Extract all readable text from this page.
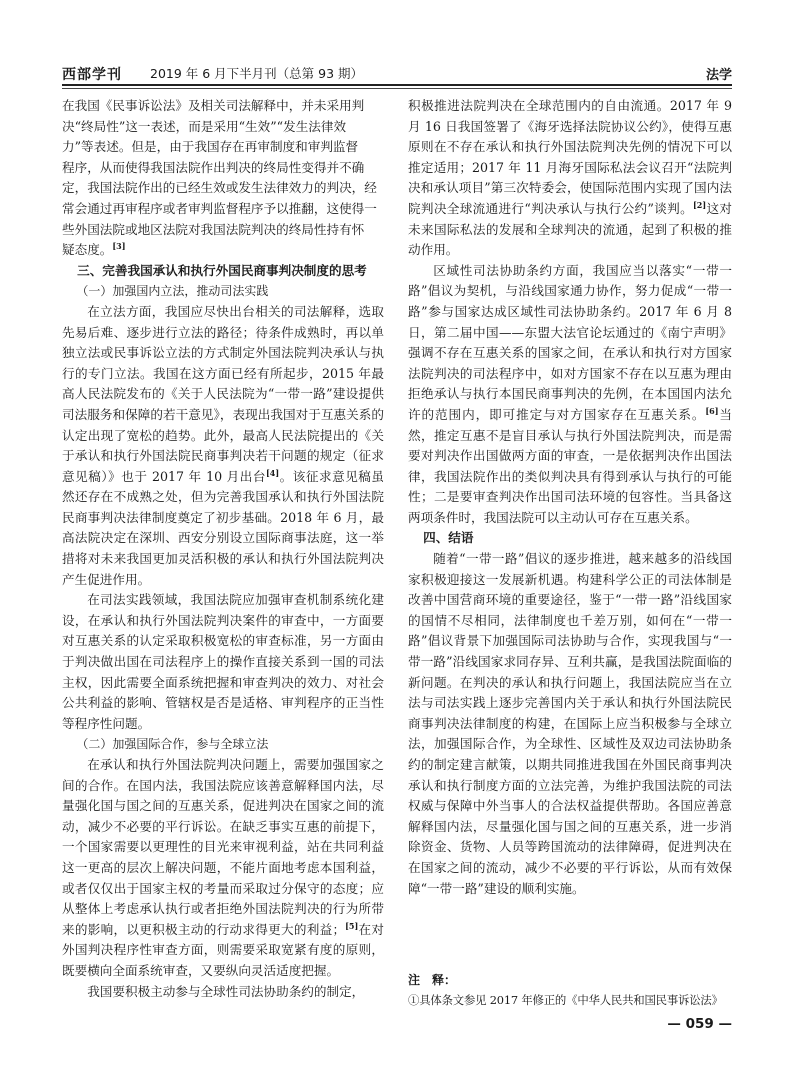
西部学刊 2019 年 6 月下半月刊（总第 93 期）	法学

在我国《民事诉讼法》及相关司法解释中，并未采用判
决“终局性”这一表述，而是采用“生效”“发生法律效
力”等表述。但是，由于我国存在再审制度和审判监督
程序，从而使得我国法院作出判决的终局性变得并不确
定，我国法院作出的已经生效或发生法律效力的判决，经
常会通过再审程序或者审判监督程序予以推翻，这使得一
些外国法院或地区法院对我国法院判决的终局性持有怀
疑态度。[3]

三、完善我国承认和执行外国民商事判决制度的思考

（一）加强国内立法，推动司法实践

在立法方面，我国应尽快出台相关的司法解释，选取先易后难、逐步进行立法的路径；待条件成熟时，再以单独立法或民事诉讼立法的方式制定外国法院判决承认与执行的专门立法。我国在这方面已经有所起步，2015 年最高人民法院发布的《关于人民法院为“一带一路”建设提供司法服务和保障的若干意见》，表现出我国对于互惠关系的认定出现了宽松的趋势。此外，最高人民法院提出的《关于承认和执行外国法院民商事判决若干问题的规定（征求意见稿）》也于 2017 年 10 月出台[4]。该征求意见稿虽然还存在不成熟之处，但为完善我国承认和执行外国法院民商事判决法律制度奠定了初步基础。2018 年 6 月，最高法院决定在深圳、西安分别设立国际商事法庭，这一举措将对未来我国更加灵活积极的承认和执行外国法院判决产生促进作用。

在司法实践领域，我国法院应加强审查机制系统化建设，在承认和执行外国法院判决案件的审查中，一方面要对互惠关系的认定采取积极宽松的审查标准，另一方面由于判决做出国在司法程序上的操作直接关系到一国的司法主权，因此需要全面系统把握和审查判决的效力、对社会公共利益的影响、管辖权是否是适格、审判程序的正当性等程序性问题。

（二）加强国际合作，参与全球立法

在承认和执行外国法院判决问题上，需要加强国家之间的合作。在国内法，我国法院应该善意解释国内法，尽量强化国与国之间的互惠关系，促进判决在国家之间的流动，减少不必要的平行诉讼。在缺乏事实互惠的前提下，一个国家需要以更理性的目光来审视利益，站在共同利益这一更高的层次上解决问题，不能片面地考虑本国利益，或者仅仅出于国家主权的考量而采取过分保守的态度；应从整体上考虑承认执行或者拒绝外国法院判决的行为所带来的影响，以更积极主动的行动求得更大的利益；[5]在对外国判决程序性审查方面，则需要采取宽紧有度的原则，既要横向全面系统审查，又要纵向灵活适度把握。

我国要积极主动参与全球性司法协助条约的制定，

积极推进法院判决在全球范围内的自由流通。2017 年 9 月 16 日我国签署了《海牙选择法院协议公约》，使得互惠原则在不存在承认和执行外国法院判决先例的情况下可以推定适用；2017 年 11 月海牙国际私法会议召开“法院判决和承认项目”第三次特委会，使国际范围内实现了国内法院判决全球流通进行“判决承认与执行公约”谈判。[2]这对未来国际私法的发展和全球判决的流通，起到了积极的推动作用。

区域性司法协助条约方面，我国应当以落实“一带一路”倡议为契机，与沿线国家通力协作，努力促成“一带一路”参与国家达成区域性司法协助条约。2017 年 6 月 8 日，第二届中国——东盟大法官论坛通过的《南宁声明》强调不存在互惠关系的国家之间，在承认和执行对方国家法院判决的司法程序中，如对方国家不存在以互惠为理由拒绝承认与执行本国民商事判决的先例，在本国国内法允许的范围内，即可推定与对方国家存在互惠关系。[6]当然，推定互惠不是盲目承认与执行外国法院判决，而是需要对判决作出国做两方面的审查，一是依据判决作出国法律，我国法院作出的类似判决具有得到承认与执行的可能性；二是要审查判决作出国司法环境的包容性。当具备这两项条件时，我国法院可以主动认可存在互惠关系。

四、结语

随着“一带一路”倡议的逐步推进，越来越多的沿线国家积极迎接这一发展新机遇。构建科学公正的司法体制是改善中国营商环境的重要途径，鉴于“一带一路”沿线国家的国情不尽相同，法律制度也千差万别，如何在“一带一路”倡议背景下加强国际司法协助与合作，实现我国与“一带一路”沿线国家求同存异、互利共赢，是我国法院面临的新问题。在判决的承认和执行问题上，我国法院应当在立法与司法实践上逐步完善国内关于承认和执行外国法院民商事判决法律制度的构建，在国际上应当积极参与全球立法，加强国际合作，为全球性、区域性及双边司法协助条约的制定建言献策，以期共同推进我国在外国民商事判决承认和执行制度方面的立法完善，为维护我国法院的司法权威与保障中外当事人的合法权益提供帮助。各国应善意解释国内法，尽量强化国与国之间的互惠关系，进一步消除资金、货物、人员等跨国流动的法律障碍，促进判决在在国家之间的流动，减少不必要的平行诉讼，从而有效保障“一带一路”建设的顺利实施。

注　释：
①具体条文参见 2017 年修正的《中华人民共和国民事诉讼法》
— 059 —
